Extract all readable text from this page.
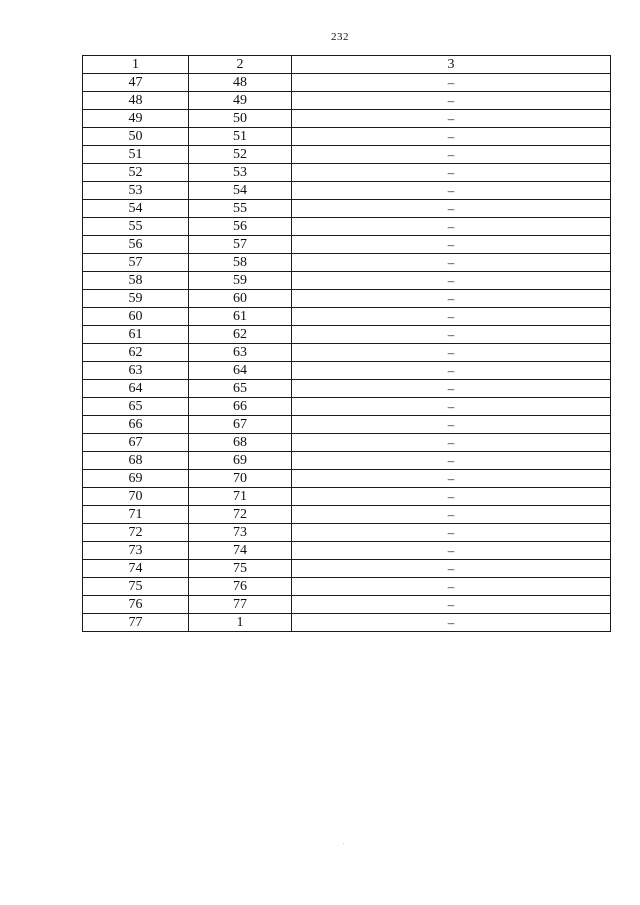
232
1	2	3
47	48	–
48	49	–
49	50	–
50	51	–
51	52	–
52	53	–
53	54	–
54	55	–
55	56	–
56	57	–
57	58	–
58	59	–
59	60	–
60	61	–
61	62	–
62	63	–
63	64	–
64	65	–
65	66	–
66	67	–
67	68	–
68	69	–
69	70	–
70	71	–
71	72	–
72	73	–
73	74	–
74	75	–
75	76	–
76	77	–
77	1	–
